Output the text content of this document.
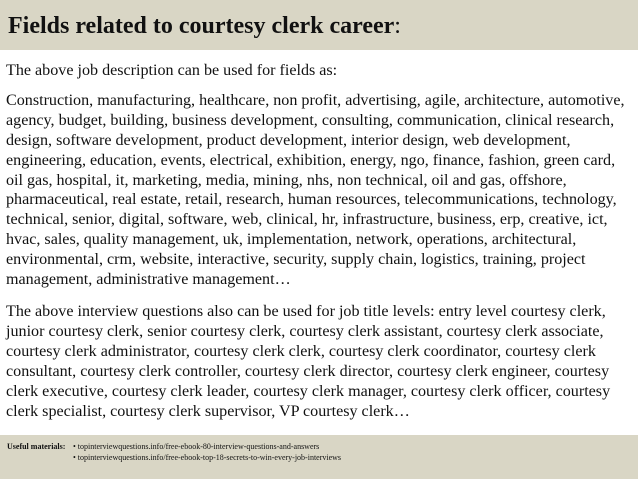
Fields related to courtesy clerk career:

The above job description can be used for fields as:

Construction, manufacturing, healthcare, non profit, advertising, agile, architecture, automotive, agency, budget, building, business development, consulting, communication, clinical research, design, software development, product development, interior design, web development, engineering, education, events, electrical, exhibition, energy, ngo, finance, fashion, green card, oil gas, hospital, it, marketing, media, mining, nhs, non technical, oil and gas, offshore, pharmaceutical, real estate, retail, research, human resources, telecommunications, technology, technical, senior, digital, software, web, clinical, hr, infrastructure, business, erp, creative, ict, hvac, sales, quality management, uk, implementation, network, operations, architectural, environmental, crm, website, interactive, security, supply chain, logistics, training, project management, administrative management…

The above interview questions also can be used for job title levels: entry level courtesy clerk, junior courtesy clerk, senior courtesy clerk, courtesy clerk assistant, courtesy clerk associate, courtesy clerk administrator, courtesy clerk clerk, courtesy clerk coordinator, courtesy clerk consultant, courtesy clerk controller, courtesy clerk director, courtesy clerk engineer, courtesy clerk executive, courtesy clerk leader, courtesy clerk manager, courtesy clerk officer, courtesy clerk specialist, courtesy clerk supervisor, VP courtesy clerk…

Useful materials: • topinterviewquestions.info/free-ebook-80-interview-questions-and-answers
• topinterviewquestions.info/free-ebook-top-18-secrets-to-win-every-job-interviews
